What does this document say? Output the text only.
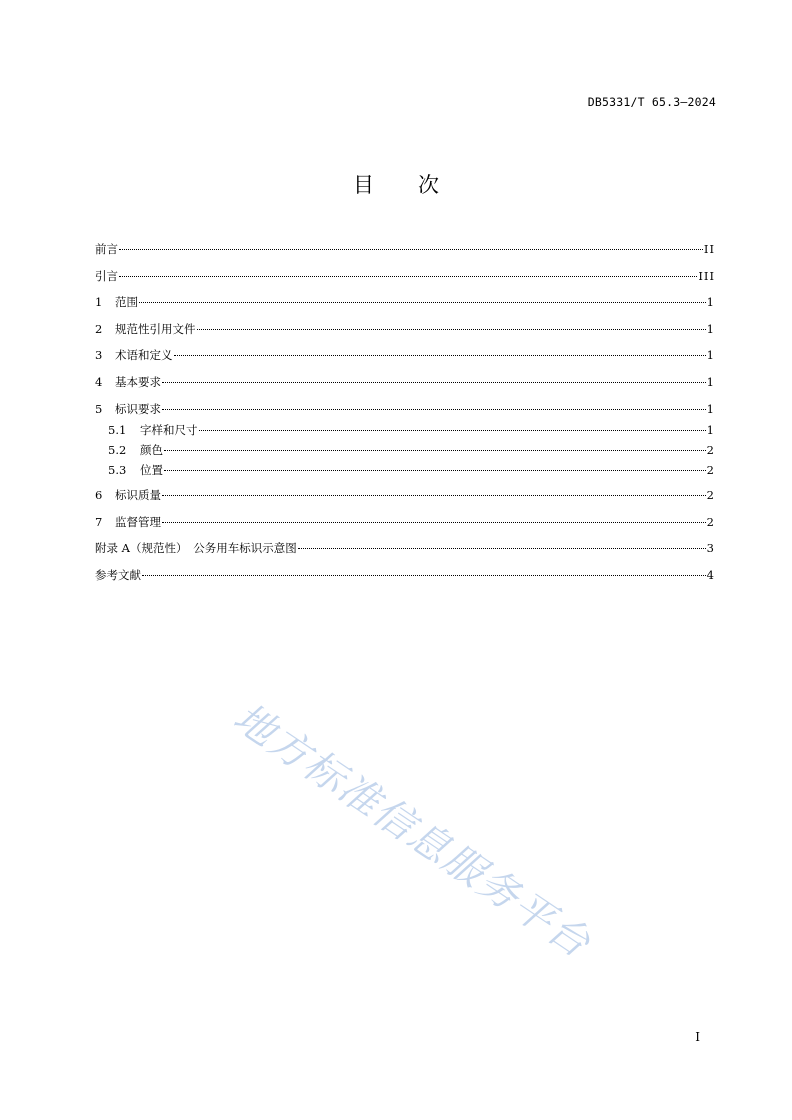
DB5331/T 65.3—2024
目 次
前言	II
引言	III
1 范围	1
2 规范性引用文件	1
3 术语和定义	1
4 基本要求	1
5 标识要求	1
5.1 字样和尺寸	1
5.2 颜色	2
5.3 位置	2
6 标识质量	2
7 监督管理	2
附录 A（规范性）　公务用车标识示意图	3
参考文献	4
地方标准信息服务平台
I
